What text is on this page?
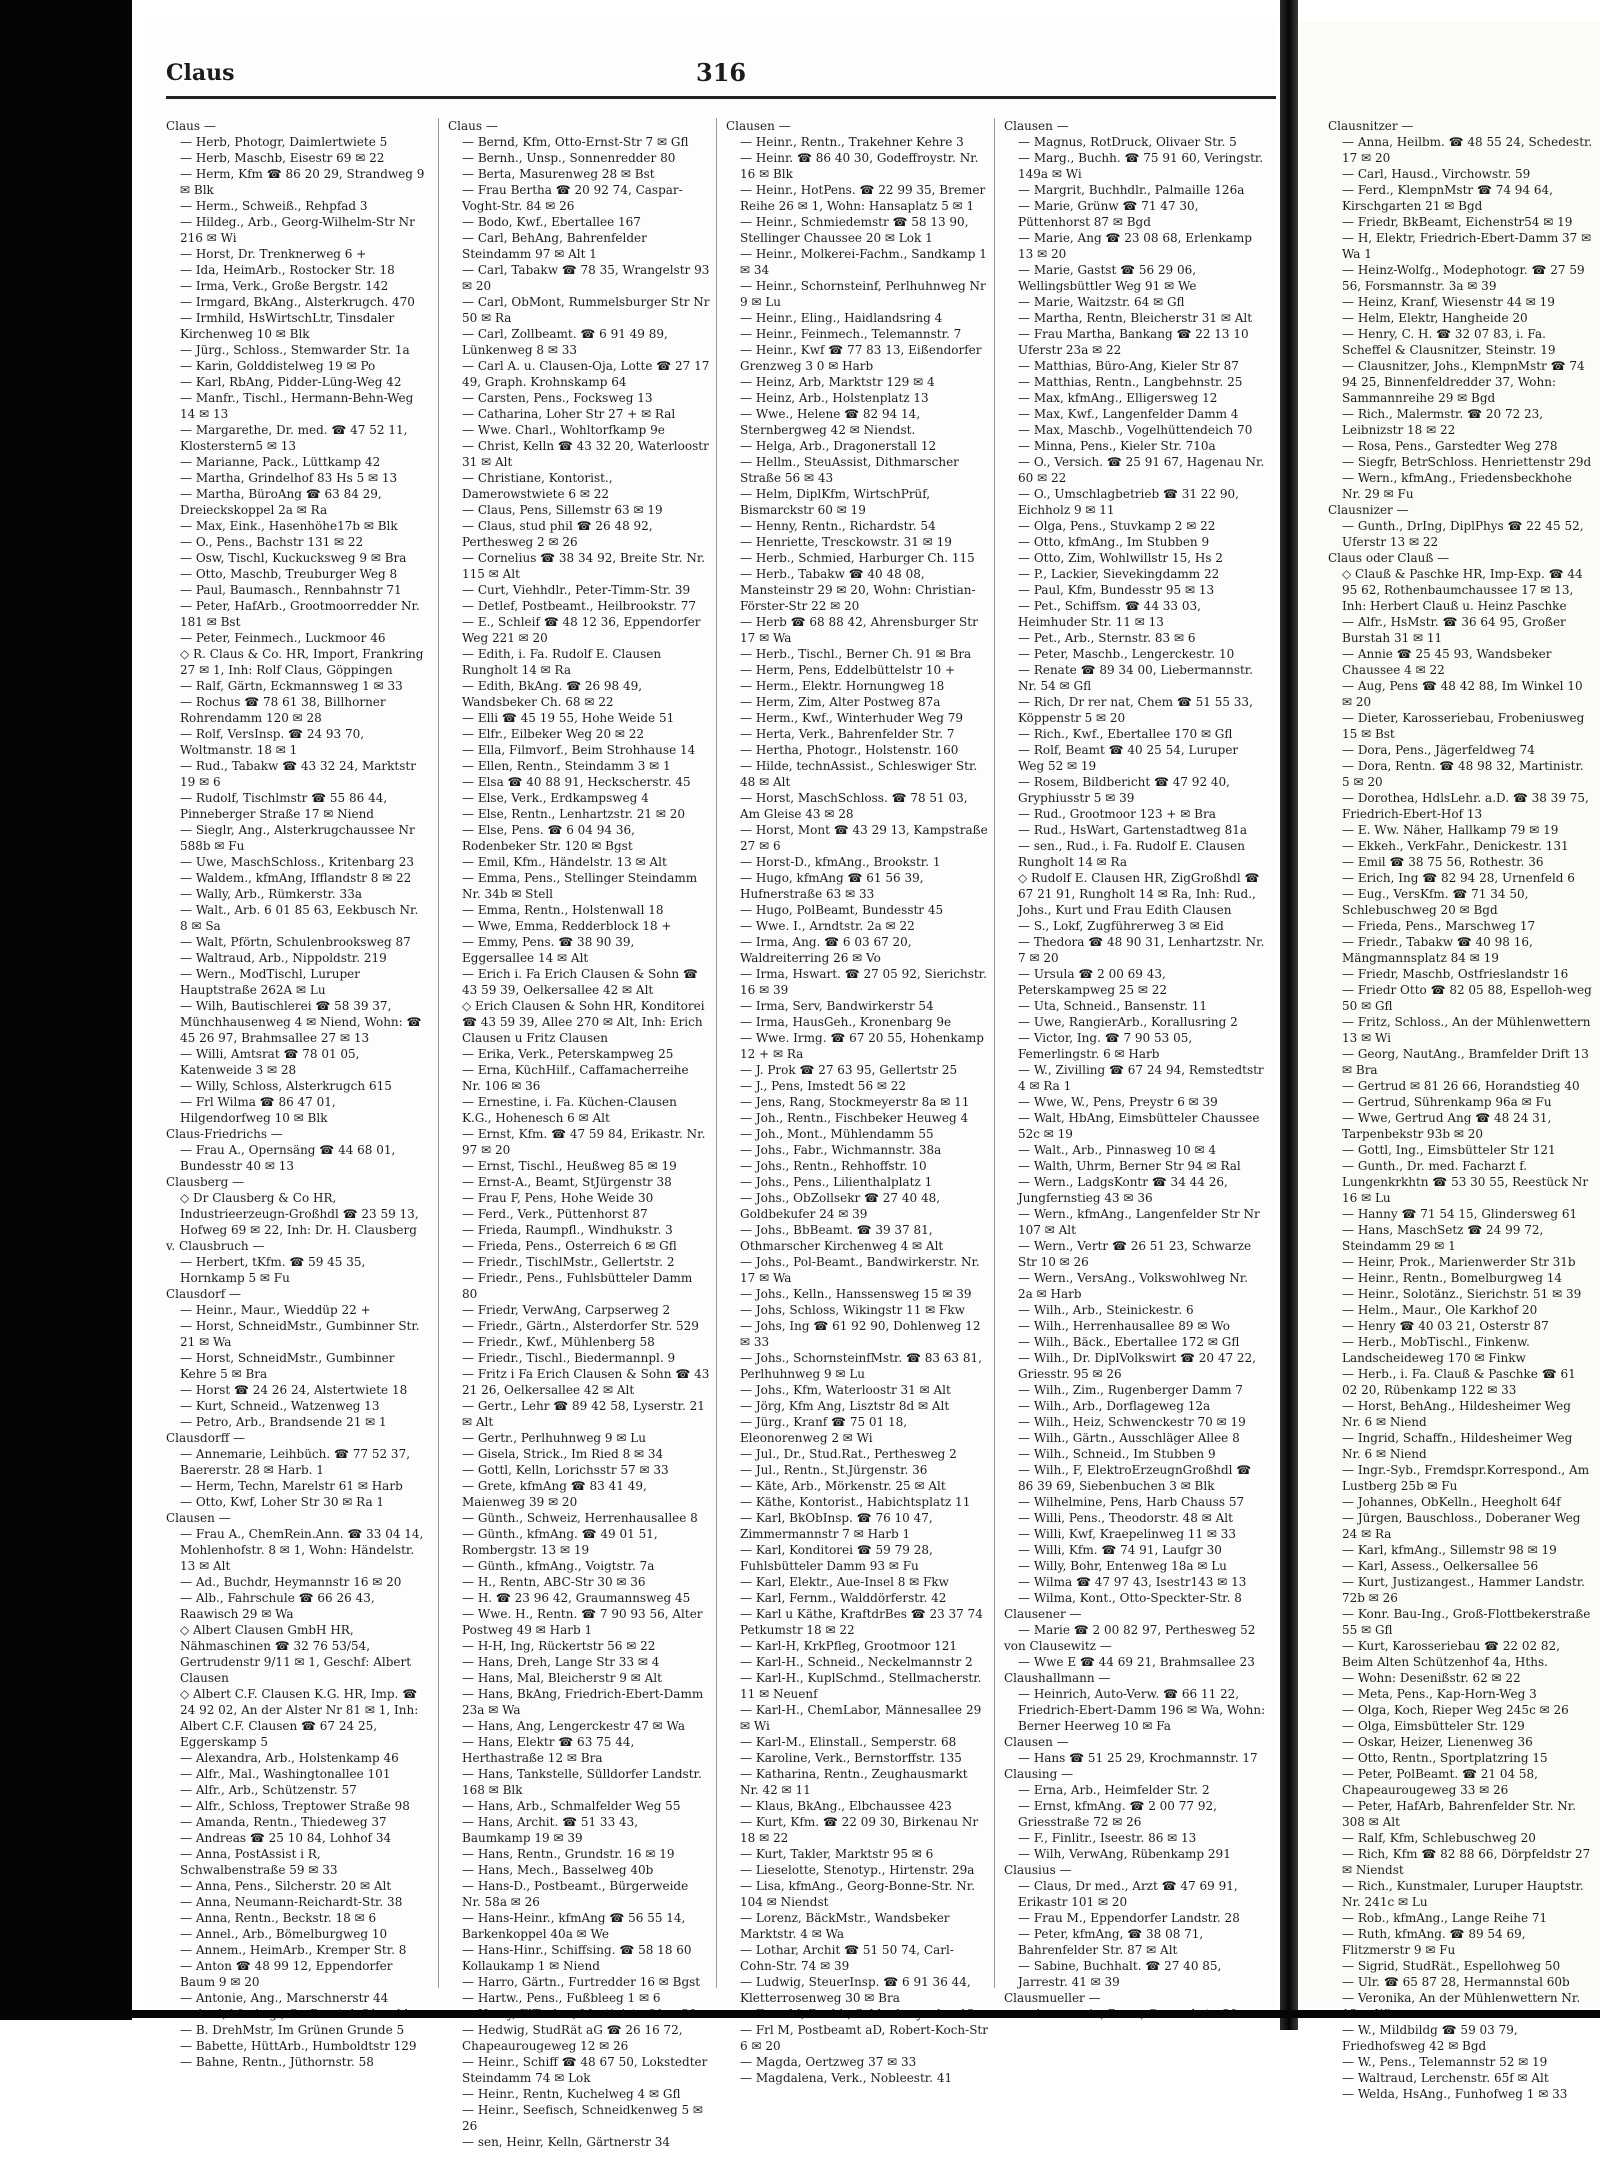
Claus	316
Claus —
— Herb, Photogr, Daimlertwiete 5
— Herb, Maschb, Eisestr 69 ✉ 22
— Herm, Kfm ☎ 86 20 29, Strandweg 9 ✉ Blk
— Herm., Schweiß., Rehpfad 3
— Hildeg., Arb., Georg-Wilhelm-Str Nr 216 ✉ Wi
— Horst, Dr. Trenknerweg 6 +
— Ida, HeimArb., Rostocker Str. 18
— Irma, Verk., Große Bergstr. 142
— Irmgard, BkAng., Alsterkrugch. 470
— Irmhild, HsWirtschLtr, Tinsdaler Kirchenweg 10 ✉ Blk
— Jürg., Schloss., Stemwarder Str. 1a
— Karin, Golddistelweg 19 ✉ Po
— Karl, RbAng, Pidder-Lüng-Weg 42
— Manfr., Tischl., Hermann-Behn-Weg 14 ✉ 13
— Margarethe, Dr. med. ☎ 47 52 11, Klosterstern5 ✉ 13
— Marianne, Pack., Lüttkamp 42
— Martha, Grindelhof 83 Hs 5 ✉ 13
— Martha, BüroAng ☎ 63 84 29, Dreieckskoppel 2a ✉ Ra
— Max, Eink., Hasenhöhe17b ✉ Blk
— O., Pens., Bachstr 131 ✉ 22
— Osw, Tischl, Kuckucksweg 9 ✉ Bra
— Otto, Maschb, Treuburger Weg 8
— Paul, Baumasch., Rennbahnstr 71
— Peter, HafArb., Grootmoorredder Nr. 181 ✉ Bst
— Peter, Feinmech., Luckmoor 46
◇ R. Claus & Co. HR, Import, Frankring 27 ✉ 1, Inh: Rolf Claus, Göppingen
— Ralf, Gärtn, Eckmannsweg 1 ✉ 33
— Rochus ☎ 78 61 38, Billhorner Rohrendamm 120 ✉ 28
— Rolf, VersInsp. ☎ 24 93 70, Woltmanstr. 18 ✉ 1
— Rud., Tabakw ☎ 43 32 24, Marktstr 19 ✉ 6
— Rudolf, Tischlmstr ☎ 55 86 44, Pinneberger Straße 17 ✉ Niend
— Sieglr, Ang., Alsterkrugchaussee Nr 588b ✉ Fu
— Uwe, MaschSchloss., Kritenbarg 23
— Waldem., kfmAng, Ifflandstr 8 ✉ 22
— Wally, Arb., Rümkerstr. 33a
— Walt., Arb. 6 01 85 63, Eekbusch Nr. 8 ✉ Sa
— Walt, Pförtn, Schulenbrooksweg 87
— Waltraud, Arb., Nippoldstr. 219
— Wern., ModTischl, Luruper Hauptstraße 262A ✉ Lu
— Wilh, Bautischlerei ☎ 58 39 37, Münchhausenweg 4 ✉ Niend, Wohn: ☎ 45 26 97, Brahmsallee 27 ✉ 13
— Willi, Amtsrat ☎ 78 01 05, Katenweide 3 ✉ 28
— Willy, Schloss, Alsterkrugch 615
— Frl Wilma ☎ 86 47 01, Hilgendorfweg 10 ✉ Blk
Claus-Friedrichs —
— Frau A., Opernsäng ☎ 44 68 01, Bundesstr 40 ✉ 13
Clausberg —
◇ Dr Clausberg & Co HR, Industrieerzeugn-Großhdl ☎ 23 59 13, Hofweg 69 ✉ 22, Inh: Dr. H. Clausberg
v. Clausbruch —
— Herbert, tKfm. ☎ 59 45 35, Hornkamp 5 ✉ Fu
Clausdorf —
— Heinr., Maur., Wieddüp 22 +
— Horst, SchneidMstr., Gumbinner Str. 21 ✉ Wa
— Horst, SchneidMstr., Gumbinner Kehre 5 ✉ Bra
— Horst ☎ 24 26 24, Alstertwiete 18
— Kurt, Schneid., Watzenweg 13
— Petro, Arb., Brandsende 21 ✉ 1
Clausdorff —
— Annemarie, Leihbüch. ☎ 77 52 37, Baererstr. 28 ✉ Harb. 1
— Herm, Techn, Marelstr 61 ✉ Harb
— Otto, Kwf, Loher Str 30 ✉ Ra 1
Clausen —
— Frau A., ChemRein.Ann. ☎ 33 04 14, Mohlenhofstr. 8 ✉ 1, Wohn: Händelstr. 13 ✉ Alt
— Ad., Buchdr, Heymannstr 16 ✉ 20
— Alb., Fahrschule ☎ 66 26 43, Raawisch 29 ✉ Wa
◇ Albert Clausen GmbH HR, Nähmaschinen ☎ 32 76 53/54, Gertrudenstr 9/11 ✉ 1, Geschf: Albert Clausen
◇ Albert C.F. Clausen K.G. HR, Imp. ☎ 24 92 02, An der Alster Nr 81 ✉ 1, Inh: Albert C.F. Clausen ☎ 67 24 25, Eggerskamp 5
— Alexandra, Arb., Holstenkamp 46
— Alfr., Mal., Washingtonallee 101
— Alfr., Arb., Schützenstr. 57
— Alfr., Schloss, Treptower Straße 98
— Amanda, Rentn., Thiedeweg 37
— Andreas ☎ 25 10 84, Lohhof 34
— Anna, PostAssist i R, Schwalbenstraße 59 ✉ 33
— Anna, Pens., Silcherstr. 20 ✉ Alt
— Anna, Neumann-Reichardt-Str. 38
— Anna, Rentn., Beckstr. 18 ✉ 6
— Annel., Arb., Bömelburgweg 10
— Annem., HeimArb., Kremper Str. 8
— Anton ☎ 48 99 12, Eppendorfer Baum 9 ✉ 20
— Antonie, Ang., Marschnerstr 44
— B. DrehMstr, Im Grünen Grunde 5
— Babette, HüttArb., Humboldtstr 129
— Bahne, Rentn., Jüthornstr. 58
Claus —
— Bernd, Kfm, Otto-Ernst-Str 7 ✉ Gfl
— Bernh., Unsp., Sonnenredder 80
— Berta, Masurenweg 28 ✉ Bst
— Frau Bertha ☎ 20 92 74, Caspar-Voght-Str. 84 ✉ 26
— Bodo, Kwf., Ebertallee 167
— Carl, BehAng, Bahrenfelder Steindamm 97 ✉ Alt 1
— Carl, Tabakw ☎ 78 35, Wrangelstr 93 ✉ 20
— Carl, ObMont, Rummelsburger Str Nr 50 ✉ Ra
— Carl, Zollbeamt. ☎ 6 91 49 89, Lünkenweg 8 ✉ 33
— Carl A. u. Clausen-Oja, Lotte ☎ 27 17 49, Graph. Krohnskamp 64
— Carsten, Pens., Focksweg 13
— Catharina, Loher Str 27 + ✉ Ral
— Wwe. Charl., Wohltorfkamp 9e
— Christ, Kelln ☎ 43 32 20, Waterloostr 31 ✉ Alt
— Christiane, Kontorist., Damerowstwiete 6 ✉ 22
— Claus, Pens, Sillemstr 63 ✉ 19
— Claus, stud phil ☎ 26 48 92, Perthesweg 2 ✉ 26
— Cornelius ☎ 38 34 92, Breite Str. Nr. 115 ✉ Alt
— Curt, Viehhdlr., Peter-Timm-Str. 39
— Detlef, Postbeamt., Heilbrookstr. 77
— E., Schleif ☎ 48 12 36, Eppendorfer Weg 221 ✉ 20
— Edith, i. Fa. Rudolf E. Clausen Rungholt 14 ✉ Ra
— Edith, BkAng. ☎ 26 98 49, Wandsbeker Ch. 68 ✉ 22
— Elli ☎ 45 19 55, Hohe Weide 51
— Elfr., Eilbeker Weg 20 ✉ 22
— Ella, Filmvorf., Beim Strohhause 14
— Ellen, Rentn., Steindamm 3 ✉ 1
— Elsa ☎ 40 88 91, Heckscherstr. 45
— Else, Verk., Erdkampsweg 4
— Else, Rentn., Lenhartzstr. 21 ✉ 20
— Else, Pens. ☎ 6 04 94 36, Rodenbeker Str. 120 ✉ Bgst
— Emil, Kfm., Händelstr. 13 ✉ Alt
— Emma, Pens., Stellinger Steindamm Nr. 34b ✉ Stell
— Emma, Rentn., Holstenwall 18
— Wwe, Emma, Redderblock 18 +
— Emmy, Pens. ☎ 38 90 39, Eggersallee 14 ✉ Alt
— Erich i. Fa Erich Clausen & Sohn ☎ 43 59 39, Oelkersallee 42 ✉ Alt
◇ Erich Clausen & Sohn HR, Konditorei ☎ 43 59 39, Allee 270 ✉ Alt, Inh: Erich Clausen u Fritz Clausen
— Erika, Verk., Peterskampweg 25
— Erna, KüchHilf., Caffamacherreihe Nr. 106 ✉ 36
— Ernestine, i. Fa. Küchen-Clausen K.G., Hohenesch 6 ✉ Alt
— Ernst, Kfm. ☎ 47 59 84, Erikastr. Nr. 97 ✉ 20
— Ernst, Tischl., Heußweg 85 ✉ 19
— Ernst-A., Beamt, StJürgenstr 38
— Frau F, Pens, Hohe Weide 30
— Ferd., Verk., Püttenhorst 87
— Frieda, Raumpfl., Windhukstr. 3
— Frieda, Pens., Osterreich 6 ✉ Gfl
— Friedr., TischlMstr., Gellertstr. 2
— Friedr., Pens., Fuhlsbütteler Damm 80
— Friedr, VerwAng, Carpserweg 2
— Friedr., Gärtn., Alsterdorfer Str. 529
— Friedr., Kwf., Mühlenberg 58
— Friedr., Tischl., Biedermannpl. 9
— Fritz i Fa Erich Clausen & Sohn ☎ 43 21 26, Oelkersallee 42 ✉ Alt
— Gertr., Lehr ☎ 89 42 58, Lyserstr. 21 ✉ Alt
— Gertr., Perlhuhnweg 9 ✉ Lu
— Gisela, Strick., Im Ried 8 ✉ 34
— Gottl, Kelln, Lorichsstr 57 ✉ 33
— Grete, kfmAng ☎ 83 41 49, Maienweg 39 ✉ 20
— Günth., Schweiz, Herrenhausallee 8
— Günth., kfmAng. ☎ 49 01 51, Rombergstr. 13 ✉ 19
— Günth., kfmAng., Voigtstr. 7a
— H., Rentn, ABC-Str 30 ✉ 36
— H. ☎ 23 96 42, Graumannsweg 45
— Wwe. H., Rentn. ☎ 7 90 93 56, Alter Postweg 49 ✉ Harb 1
— H-H, Ing, Rückertstr 56 ✉ 22
— Hans, Dreh, Lange Str 33 ✉ 4
— Hans, Mal, Bleicherstr 9 ✉ Alt
— Hans, BkAng, Friedrich-Ebert-Damm 23a ✉ Wa
— Hans, Ang, Lengerckestr 47 ✉ Wa
— Hans, Elektr ☎ 63 75 44, Herthastraße 12 ✉ Bra
— Hans, Tankstelle, Sülldorfer Landstr. 168 ✉ Blk
— Hans, Arb., Schmalfelder Weg 55
— Hans, Archit. ☎ 51 33 43, Baumkamp 19 ✉ 39
— Hans, Rentn., Grundstr. 16 ✉ 19
— Hans, Mech., Basselweg 40b
— Hans-D., Postbeamt., Bürgerweide Nr. 58a ✉ 26
— Hans-Heinr., kfmAng ☎ 56 55 14, Barkenkoppel 40a ✉ We
— Hans-Hinr., Schiffsing. ☎ 58 18 60 Kollaukamp 1 ✉ Niend
— Harro, Gärtn., Furtredder 16 ✉ Bgst
— Hartw., Pens., Fußbleeg 1 ✉ 6
— Hedwig, StudRät aG ☎ 26 16 72, Chapeaurougeweg 12 ✉ 26
— Heinr., Schiff ☎ 48 67 50, Lokstedter Steindamm 74 ✉ Lok
— Heinr., Rentn, Kuchelweg 4 ✉ Gfl
— Heinr., Seefisch, Schneidkenweg 5 ✉ 26
— sen, Heinr, Kelln, Gärtnerstr 34
Clausen —
— Heinr., Rentn., Trakehner Kehre 3
— Heinr. ☎ 86 40 30, Godeffroystr. Nr. 16 ✉ Blk
— Heinr., HotPens. ☎ 22 99 35, Bremer Reihe 26 ✉ 1, Wohn: Hansaplatz 5 ✉ 1
— Heinr., Schmiedemstr ☎ 58 13 90, Stellinger Chaussee 20 ✉ Lok 1
— Heinr., Molkerei-Fachm., Sandkamp 1 ✉ 34
— Heinr., Schornsteinf, Perlhuhnweg Nr 9 ✉ Lu
— Heinr., Eling., Haidlandsring 4
— Heinr., Feinmech., Telemannstr. 7
— Heinr., Kwf ☎ 77 83 13, Eißendorfer Grenzweg 3 0 ✉ Harb
— Heinz, Arb, Marktstr 129 ✉ 4
— Heinz, Arb., Holstenplatz 13
— Wwe., Helene ☎ 82 94 14, Sternbergweg 42 ✉ Niendst.
— Helga, Arb., Dragonerstall 12
— Hellm., SteuAssist, Dithmarscher Straße 56 ✉ 43
— Helm, DiplKfm, WirtschPrüf, Bismarckstr 60 ✉ 19
— Henny, Rentn., Richardstr. 54
— Henriette, Tresckowstr. 31 ✉ 19
— Herb., Schmied, Harburger Ch. 115
— Herb., Tabakw ☎ 40 48 08, Mansteinstr 29 ✉ 20, Wohn: Christian-Förster-Str 22 ✉ 20
— Herb ☎ 68 88 42, Ahrensburger Str 17 ✉ Wa
— Herb., Tischl., Berner Ch. 91 ✉ Bra
— Herm, Pens, Eddelbüttelstr 10 +
— Herm., Elektr. Hornungweg 18
— Herm, Zim, Alter Postweg 87a
— Herm., Kwf., Winterhuder Weg 79
— Herta, Verk., Bahrenfelder Str. 7
— Hertha, Photogr., Holstenstr. 160
— Hilde, technAssist., Schleswiger Str. 48 ✉ Alt
— Horst, MaschSchloss. ☎ 78 51 03, Am Gleise 43 ✉ 28
— Horst, Mont ☎ 43 29 13, Kampstraße 27 ✉ 6
— Horst-D., kfmAng., Brookstr. 1
— Hugo, kfmAng ☎ 61 56 39, Hufnerstraße 63 ✉ 33
— Hugo, PolBeamt, Bundesstr 45
— Wwe. I., Arndtstr. 2a ✉ 22
— Irma, Ang. ☎ 6 03 67 20, Waldreiterring 26 ✉ Vo
— Irma, Hswart. ☎ 27 05 92, Sierichstr. 16 ✉ 39
— Irma, Serv, Bandwirkerstr 54
— Irma, HausGeh., Kronenbarg 9e
— Wwe. Irmg. ☎ 67 20 55, Hohenkamp 12 + ✉ Ra
— J. Prok ☎ 27 63 95, Gellertstr 25
— J., Pens, Imstedt 56 ✉ 22
— Jens, Rang, Stockmeyerstr 8a ✉ 11
— Joh., Rentn., Fischbeker Heuweg 4
— Joh., Mont., Mühlendamm 55
— Johs., Fabr., Wichmannstr. 38a
— Johs., Rentn., Rehhoffstr. 10
— Johs., Pens., Lilienthalplatz 1
— Johs., ObZollsekr ☎ 27 40 48, Goldbekufer 24 ✉ 39
— Johs., BbBeamt. ☎ 39 37 81, Othmarscher Kirchenweg 4 ✉ Alt
— Johs., Pol-Beamt., Bandwirkerstr. Nr. 17 ✉ Wa
— Johs., Kelln., Hanssensweg 15 ✉ 39
— Johs, Schloss, Wikingstr 11 ✉ Fkw
— Johs, Ing ☎ 61 92 90, Dohlenweg 12 ✉ 33
— Johs., SchornsteinfMstr. ☎ 83 63 81, Perlhuhnweg 9 ✉ Lu
— Johs., Kfm, Waterloostr 31 ✉ Alt
— Jörg, Kfm Ang, Lisztstr 8d ✉ Alt
— Jürg., Kranf ☎ 75 01 18, Eleonorenweg 2 ✉ Wi
— Jul., Dr., Stud.Rat., Perthesweg 2
— Jul., Rentn., St.Jürgenstr. 36
— Käte, Arb., Mörkenstr. 25 ✉ Alt
— Käthe, Kontorist., Habichtsplatz 11
— Karl, BkObInsp. ☎ 76 10 47, Zimmermannstr 7 ✉ Harb 1
— Karl, Konditorei ☎ 59 79 28, Fuhlsbütteler Damm 93 ✉ Fu
— Karl, Elektr., Aue-Insel 8 ✉ Fkw
— Karl, Fernm., Walddörferstr. 42
— Karl u Käthe, KraftdrBes ☎ 23 37 74 Petkumstr 18 ✉ 22
— Karl-H, KrkPfleg, Grootmoor 121
— Karl-H., Schneid., Neckelmannstr 2
— Karl-H., KuplSchmd., Stellmacherstr. 11 ✉ Neuenf
— Karl-H., ChemLabor, Männesallee 29 ✉ Wi
— Karl-M., Elinstall., Semperstr. 68
— Karoline, Verk., Bernstorffstr. 135
— Katharina, Rentn., Zeughausmarkt Nr. 42 ✉ 11
— Klaus, BkAng., Elbchaussee 423
— Kurt, Kfm. ☎ 22 09 30, Birkenau Nr 18 ✉ 22
— Kurt, Takler, Marktstr 95 ✉ 6
— Lieselotte, Stenotyp., Hirtenstr. 29a
— Lisa, kfmAng., Georg-Bonne-Str. Nr. 104 ✉ Niendst
— Lorenz, BäckMstr., Wandsbeker Marktstr. 4 ✉ Wa
— Lothar, Archit ☎ 51 50 74, Carl-Cohn-Str. 74 ✉ 39
— Ludwig, SteuerInsp. ☎ 6 91 36 44, Kletterrosenweg 30 ✉ Bra
— Frl M, Postbeamt aD, Robert-Koch-Str 6 ✉ 20
— Magda, Oertzweg 37 ✉ 33
— Magdalena, Verk., Nobleestr. 41
Clausen —
— Magnus, RotDruck, Olivaer Str. 5
— Marg., Buchh. ☎ 75 91 60, Veringstr. 149a ✉ Wi
— Margrit, Buchhdlr., Palmaille 126a
— Marie, Grünw ☎ 71 47 30, Püttenhorst 87 ✉ Bgd
— Marie, Ang ☎ 23 08 68, Erlenkamp 13 ✉ 20
— Marie, Gastst ☎ 56 29 06, Wellingsbüttler Weg 91 ✉ We
— Marie, Waitzstr. 64 ✉ Gfl
— Martha, Rentn, Bleicherstr 31 ✉ Alt
— Frau Martha, Bankang ☎ 22 13 10 Uferstr 23a ✉ 22
— Matthias, Büro-Ang, Kieler Str 87
— Matthias, Rentn., Langbehnstr. 25
— Max, kfmAng., Elligersweg 12
— Max, Kwf., Langenfelder Damm 4
— Max, Maschb., Vogelhüttendeich 70
— Minna, Pens., Kieler Str. 710a
— O., Versich. ☎ 25 91 67, Hagenau Nr. 60 ✉ 22
— O., Umschlagbetrieb ☎ 31 22 90, Eichholz 9 ✉ 11
— Olga, Pens., Stuvkamp 2 ✉ 22
— Otto, kfmAng., Im Stubben 9
— Otto, Zim, Wohlwillstr 15, Hs 2
— P., Lackier, Sievekingdamm 22
— Paul, Kfm, Bundesstr 95 ✉ 13
— Pet., Schiffsm. ☎ 44 33 03, Heimhuder Str. 11 ✉ 13
— Pet., Arb., Sternstr. 83 ✉ 6
— Peter, Maschb., Lengerckestr. 10
— Renate ☎ 89 34 00, Liebermannstr. Nr. 54 ✉ Gfl
— Rich, Dr rer nat, Chem ☎ 51 55 33, Köppenstr 5 ✉ 20
— Rich., Kwf., Ebertallee 170 ✉ Gfl
— Rolf, Beamt ☎ 40 25 54, Luruper Weg 52 ✉ 19
— Rosem, Bildbericht ☎ 47 92 40, Gryphiusstr 5 ✉ 39
— Rud., Grootmoor 123 + ✉ Bra
— Rud., HsWart, Gartenstadtweg 81a
— sen., Rud., i. Fa. Rudolf E. Clausen Rungholt 14 ✉ Ra
◇ Rudolf E. Clausen HR, ZigGroßhdl ☎ 67 21 91, Rungholt 14 ✉ Ra, Inh: Rud., Johs., Kurt und Frau Edith Clausen
— S., Lokf, Zugführerweg 3 ✉ Eid
— Thedora ☎ 48 90 31, Lenhartzstr. Nr. 7 ✉ 20
— Ursula ☎ 2 00 69 43, Peterskampweg 25 ✉ 22
— Uta, Schneid., Bansenstr. 11
— Uwe, RangierArb., Korallusring 2
— Victor, Ing. ☎ 7 90 53 05, Femerlingstr. 6 ✉ Harb
— W., Zivilling ☎ 67 24 94, Remstedtstr 4 ✉ Ra 1
— Wwe, W., Pens, Preystr 6 ✉ 39
— Walt, HbAng, Eimsbütteler Chaussee 52c ✉ 19
— Walt., Arb., Pinnasweg 10 ✉ 4
— Walth, Uhrm, Berner Str 94 ✉ Ral
— Wern., LadgsKontr ☎ 34 44 26, Jungfernstieg 43 ✉ 36
— Wern., kfmAng., Langenfelder Str Nr 107 ✉ Alt
— Wern., Vertr ☎ 26 51 23, Schwarze Str 10 ✉ 26
— Wern., VersAng., Volkswohlweg Nr. 2a ✉ Harb
— Wilh., Arb., Steinickestr. 6
— Wilh., Herrenhausallee 89 ✉ Wo
— Wilh., Bäck., Ebertallee 172 ✉ Gfl
— Wilh., Dr. DiplVolkswirt ☎ 20 47 22, Griesstr. 95 ✉ 26
— Wilh., Zim., Rugenberger Damm 7
— Wilh., Arb., Dorflageweg 12a
— Wilh., Heiz, Schwenckestr 70 ✉ 19
— Wilh., Gärtn., Ausschläger Allee 8
— Wilh., Schneid., Im Stubben 9
— Wilh., F, ElektroErzeugnGroßhdl ☎ 86 39 69, Siebenbuchen 3 ✉ Blk
— Wilhelmine, Pens, Harb Chauss 57
— Willi, Pens., Theodorstr. 48 ✉ Alt
— Willi, Kwf, Kraepelinweg 11 ✉ 33
— Willi, Kfm. ☎ 74 91, Laufgr 30
— Willy, Bohr, Entenweg 18a ✉ Lu
— Wilma ☎ 47 97 43, Isestr143 ✉ 13
— Wilma, Kont., Otto-Speckter-Str. 8
Clausener —
— Marie ☎ 2 00 82 97, Perthesweg 52
von Clausewitz —
— Wwe E ☎ 44 69 21, Brahmsallee 23
Claushallmann —
— Heinrich, Auto-Verw. ☎ 66 11 22, Friedrich-Ebert-Damm 196 ✉ Wa, Wohn: Berner Heerweg 10 ✉ Fa
Clausen —
— Hans ☎ 51 25 29, Krochmannstr. 17
Clausing —
— Erna, Arb., Heimfelder Str. 2
— Ernst, kfmAng. ☎ 2 00 77 92, Griesstraße 72 ✉ 26
— F., Finlitr., Iseestr. 86 ✉ 13
— Wilh, VerwAng, Rübenkamp 291
Clausius —
— Claus, Dr med., Arzt ☎ 47 69 91, Erikastr 101 ✉ 20
— Frau M., Eppendorfer Landstr. 28
— Peter, kfmAng, ☎ 38 08 71, Bahrenfelder Str. 87 ✉ Alt
— Sabine, Buchhalt. ☎ 27 40 85, Jarrestr. 41 ✉ 39
Clausmueller —
Clausnitzer —
— Anna, Heilbm. ☎ 48 55 24, Schedestr. 17 ✉ 20
— Carl, Hausd., Virchowstr. 59
— Ferd., KlempnMstr ☎ 74 94 64, Kirschgarten 21 ✉ Bgd
— Friedr, BkBeamt, Eichenstr54 ✉ 19
— H, Elektr, Friedrich-Ebert-Damm 37 ✉ Wa 1
— Heinz-Wolfg., Modephotogr. ☎ 27 59 56, Forsmannstr. 3a ✉ 39
— Heinz, Kranf, Wiesenstr 44 ✉ 19
— Helm, Elektr, Hangheide 20
— Henry, C. H. ☎ 32 07 83, i. Fa. Scheffel & Clausnitzer, Steinstr. 19
— Clausnitzer, Johs., KlempnMstr ☎ 74 94 25, Binnenfeldredder 37, Wohn: Sammannreihe 29 ✉ Bgd
— Rich., Malermstr. ☎ 20 72 23, Leibnizstr 18 ✉ 22
— Rosa, Pens., Garstedter Weg 278
— Siegfr, BetrSchloss. Henriettenstr 29d
— Wern., kfmAng., Friedensbeckhohe Nr. 29 ✉ Fu
Clausnizer —
— Gunth., DrIng, DiplPhys ☎ 22 45 52, Uferstr 13 ✉ 22
Claus oder Clauß —
◇ Clauß & Paschke HR, Imp-Exp. ☎ 44 95 62, Rothenbaumchaussee 17 ✉ 13, Inh: Herbert Clauß u. Heinz Paschke
— Alfr., HsMstr. ☎ 36 64 95, Großer Burstah 31 ✉ 11
— Annie ☎ 25 45 93, Wandsbeker Chaussee 4 ✉ 22
— Aug, Pens ☎ 48 42 88, Im Winkel 10 ✉ 20
— Dieter, Karosseriebau, Frobeniusweg 15 ✉ Bst
— Dora, Pens., Jägerfeldweg 74
— Dora, Rentn. ☎ 48 98 32, Martinistr. 5 ✉ 20
— Dorothea, HdlsLehr. a.D. ☎ 38 39 75, Friedrich-Ebert-Hof 13
— E. Ww. Näher, Hallkamp 79 ✉ 19
— Ekkeh., VerkFahr., Denickestr. 131
— Emil ☎ 38 75 56, Rothestr. 36
— Erich, Ing ☎ 82 94 28, Urnenfeld 6
— Eug., VersKfm. ☎ 71 34 50, Schlebuschweg 20 ✉ Bgd
— Frieda, Pens., Marschweg 17
— Friedr., Tabakw ☎ 40 98 16, Mängmannsplatz 84 ✉ 19
— Friedr, Maschb, Ostfrieslandstr 16
— Friedr Otto ☎ 82 05 88, Espelloh-weg 50 ✉ Gfl
— Fritz, Schloss., An der Mühlenwettern 13 ✉ Wi
— Georg, NautAng., Bramfelder Drift 13 ✉ Bra
— Gertrud ✉ 81 26 66, Horandstieg 40
— Gertrud, Sührenkamp 96a ✉ Fu
— Wwe, Gertrud Ang ☎ 48 24 31, Tarpenbekstr 93b ✉ 20
— Gottl, Ing., Eimsbütteler Str 121
— Gunth., Dr. med. Facharzt f. Lungenkrkhtn ☎ 53 30 55, Reestück Nr 16 ✉ Lu
— Hanny ☎ 71 54 15, Glindersweg 61
— Hans, MaschSetz ☎ 24 99 72, Steindamm 29 ✉ 1
— Heinr, Prok., Marienwerder Str 31b
— Heinr., Rentn., Bomelburgweg 14
— Heinr., Solotänz., Sierichstr. 51 ✉ 39
— Helm., Maur., Ole Karkhof 20
— Henry ☎ 40 03 21, Osterstr 87
— Herb., MobTischl., Finkenw. Landscheideweg 170 ✉ Finkw
— Herb., i. Fa. Clauß & Paschke ☎ 61 02 20, Rübenkamp 122 ✉ 33
— Horst, BehAng., Hildesheimer Weg Nr. 6 ✉ Niend
— Ingrid, Schaffn., Hildesheimer Weg Nr. 6 ✉ Niend
— Ingr.-Syb., Fremdspr.Korrespond., Am Lustberg 25b ✉ Fu
— Johannes, ObKelln., Heegholt 64f
— Jürgen, Bauschloss., Doberaner Weg 24 ✉ Ra
— Karl, kfmAng., Sillemstr 98 ✉ 19
— Karl, Assess., Oelkersallee 56
— Kurt, Justizangest., Hammer Landstr. 72b ✉ 26
— Konr. Bau-Ing., Groß-Flottbekerstraße 55 ✉ Gfl
— Kurt, Karosseriebau ☎ 22 02 82, Beim Alten Schützenhof 4a, Hths.
— Wohn: Desenißstr. 62 ✉ 22
— Meta, Pens., Kap-Horn-Weg 3
— Olga, Koch, Rieper Weg 245c ✉ 26
— Olga, Eimsbütteler Str. 129
— Oskar, Heizer, Lienenweg 36
— Otto, Rentn., Sportplatzring 15
— Peter, PolBeamt. ☎ 21 04 58, Chapeaurougeweg 33 ✉ 26
— Peter, HafArb, Bahrenfelder Str. Nr. 308 ✉ Alt
— Ralf, Kfm, Schlebuschweg 20
— Rich, Kfm ☎ 82 88 66, Dörpfeldstr 27 ✉ Niendst
— Rich., Kunstmaler, Luruper Hauptstr. Nr. 241c ✉ Lu
— Rob., kfmAng., Lange Reihe 71
— Ruth, kfmAng. ☎ 89 54 69, Flitzmerstr 9 ✉ Fu
— Sigrid, StudRät., Espellohweg 50
— Ulr. ☎ 65 87 28, Hermannstal 60b
— Veronika, An der Mühlenwettern Nr.
— W., Mildbildg ☎ 59 03 79, Friedhofsweg 42 ✉ Bgd
— W., Pens., Telemannstr 52 ✉ 19
— Waltraud, Lerchenstr. 65f ✉ Alt
— Welda, HsAng., Funhofweg 1 ✉ 33
